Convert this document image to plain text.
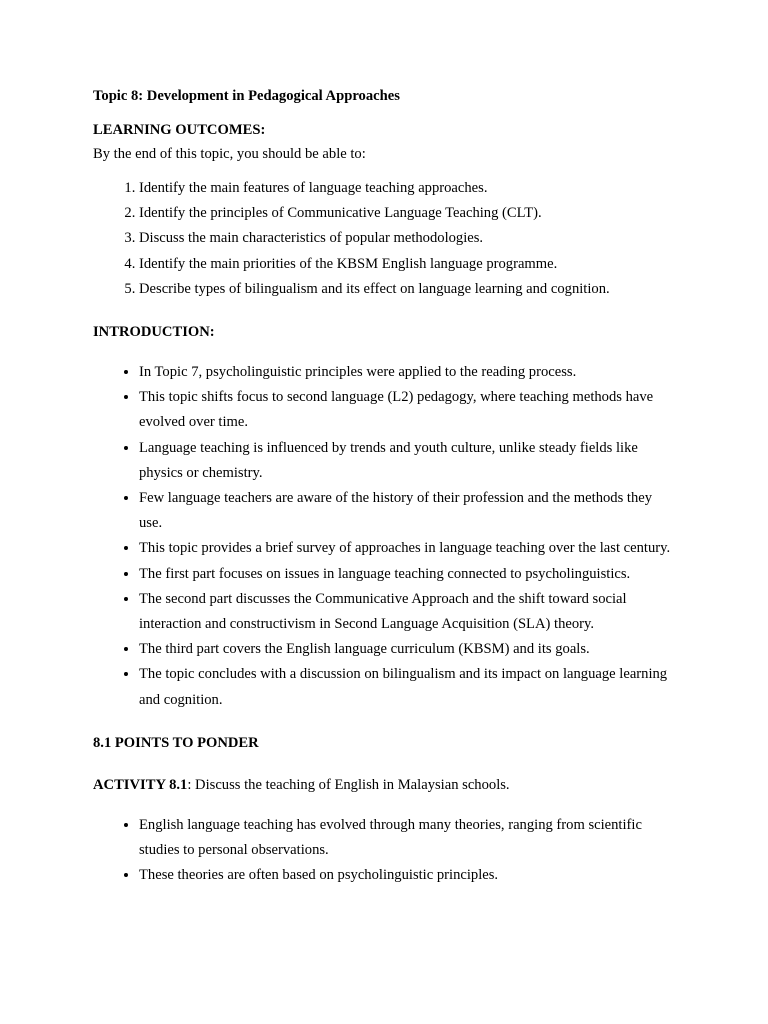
Topic 8: Development in Pedagogical Approaches

LEARNING OUTCOMES:

By the end of this topic, you should be able to:

1. Identify the main features of language teaching approaches.
2. Identify the principles of Communicative Language Teaching (CLT).
3. Discuss the main characteristics of popular methodologies.
4. Identify the main priorities of the KBSM English language programme.
5. Describe types of bilingualism and its effect on language learning and cognition.

INTRODUCTION:

• In Topic 7, psycholinguistic principles were applied to the reading process.
• This topic shifts focus to second language (L2) pedagogy, where teaching methods have evolved over time.
• Language teaching is influenced by trends and youth culture, unlike steady fields like physics or chemistry.
• Few language teachers are aware of the history of their profession and the methods they use.
• This topic provides a brief survey of approaches in language teaching over the last century.
• The first part focuses on issues in language teaching connected to psycholinguistics.
• The second part discusses the Communicative Approach and the shift toward social interaction and constructivism in Second Language Acquisition (SLA) theory.
• The third part covers the English language curriculum (KBSM) and its goals.
• The topic concludes with a discussion on bilingualism and its impact on language learning and cognition.

8.1 POINTS TO PONDER

ACTIVITY 8.1: Discuss the teaching of English in Malaysian schools.

• English language teaching has evolved through many theories, ranging from scientific studies to personal observations.
• These theories are often based on psycholinguistic principles.
